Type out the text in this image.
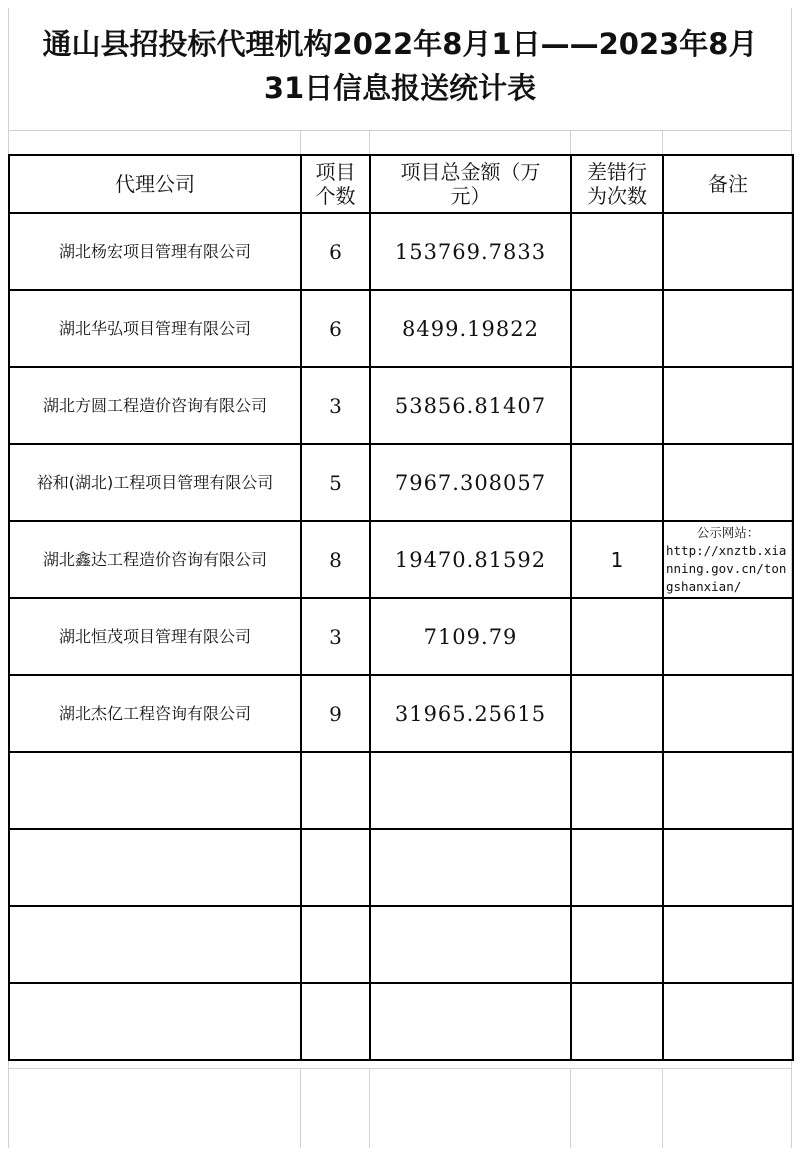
通山县招投标代理机构2022年8月1日——2023年8月
31日信息报送统计表
代理公司	项目个数	项目总金额（万元）	差错行为次数	备注
湖北杨宏项目管理有限公司	6	153769.7833		
湖北华弘项目管理有限公司	6	8499.19822		
湖北方圆工程造价咨询有限公司	3	53856.81407		
裕和(湖北)工程项目管理有限公司	5	7967.308057		
湖北鑫达工程造价咨询有限公司	8	19470.81592	1	公示网站：
http://xnztb.xianning.gov.cn/tongshanxian/
湖北恒茂项目管理有限公司	3	7109.79		
湖北杰亿工程咨询有限公司	9	31965.25615		
